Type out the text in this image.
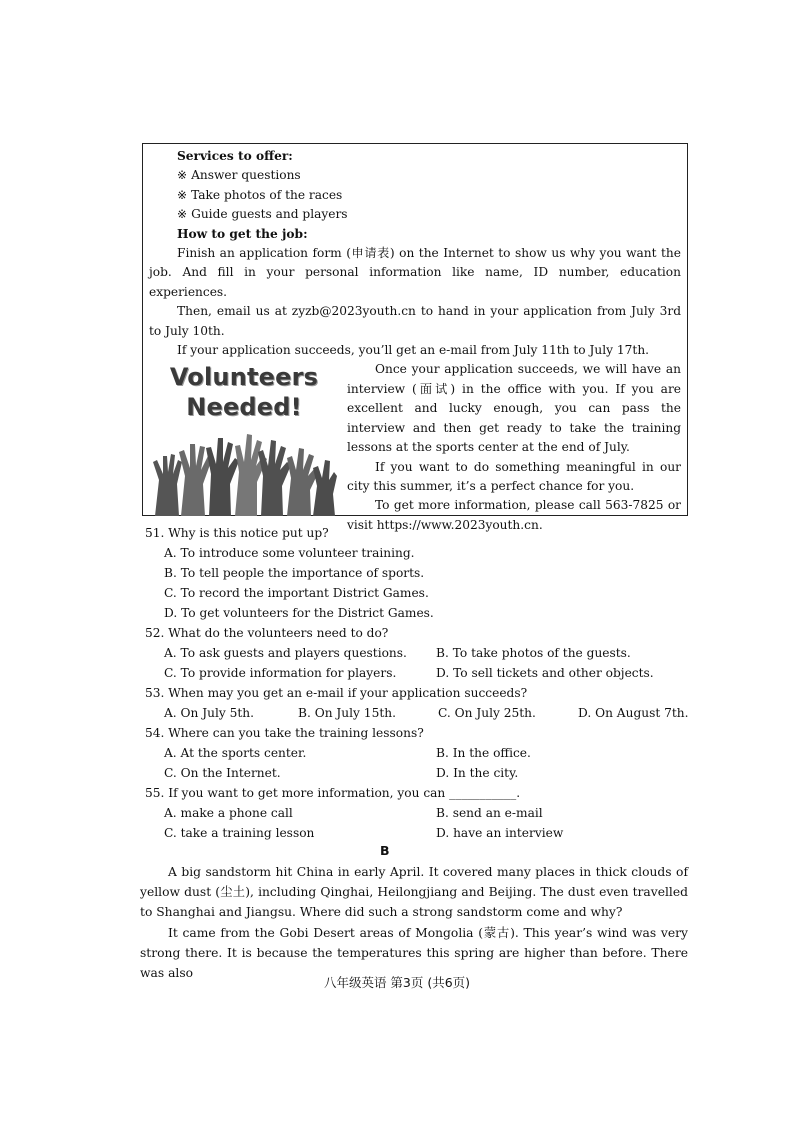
Services to offer:

※ Answer questions

※ Take photos of the races

※ Guide guests and players

How to get the job:

Finish an application form (申请表) on the Internet to show us why you want the job. And fill in your personal information like name, ID number, education experiences.

Then, email us at zyzb@2023youth.cn to hand in your application from July 3rd to July 10th.

If your application succeeds, you’ll get an e-mail from July 11th to July 17th.

Volunteers
Needed!

Once your application succeeds, we will have an interview (面试) in the office with you. If you are excellent and lucky enough, you can pass the interview and then get ready to take the training lessons at the sports center at the end of July.

If you want to do something meaningful in our city this summer, it’s a perfect chance for you.

To get more information, please call 563-7825 or visit https://www.2023youth.cn.

51. Why is this notice put up?

A. To introduce some volunteer training.

B. To tell people the importance of sports.

C. To record the important District Games.

D. To get volunteers for the District Games.

52. What do the volunteers need to do?

A. To ask guests and players questions.	B. To take photos of the guests.

C. To provide information for players.	D. To sell tickets and other objects.

53. When may you get an e-mail if your application succeeds?

A. On July 5th.	B. On July 15th.	C. On July 25th.	D. On August 7th.

54. Where can you take the training lessons?

A. At the sports center.	B. In the office.

C. On the Internet.	D. In the city.

55. If you want to get more information, you can ___________.

A. make a phone call	B. send an e-mail

C. take a training lesson	D. have an interview

B

A big sandstorm hit China in early April. It covered many places in thick clouds of yellow dust (尘土), including Qinghai, Heilongjiang and Beijing. The dust even travelled to Shanghai and Jiangsu. Where did such a strong sandstorm come and why?

It came from the Gobi Desert areas of Mongolia (蒙古). This year’s wind was very strong there. It is because the temperatures this spring are higher than before. There was also

八年级英语 第3页 (共6页)
